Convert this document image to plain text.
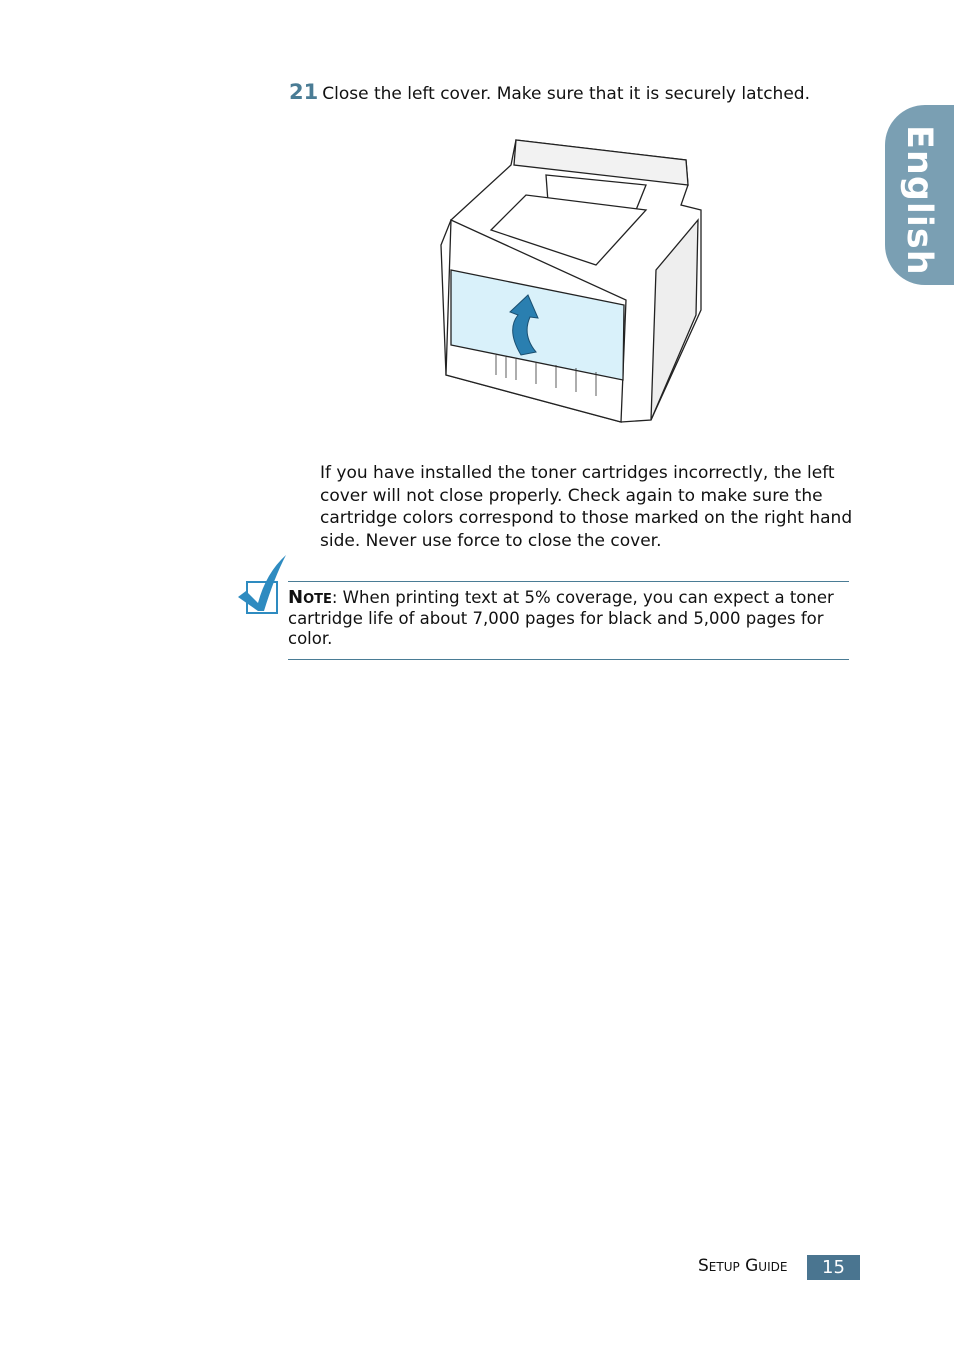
21 Close the left cover. Make sure that it is securely latched.
English
If you have installed the toner cartridges incorrectly, the left cover will not close properly. Check again to make sure the cartridge colors correspond to those marked on the right hand side. Never use force to close the cover.
Note: When printing text at 5% coverage, you can expect a toner cartridge life of about 7,000 pages for black and 5,000 pages for color.
Setup Guide	15
